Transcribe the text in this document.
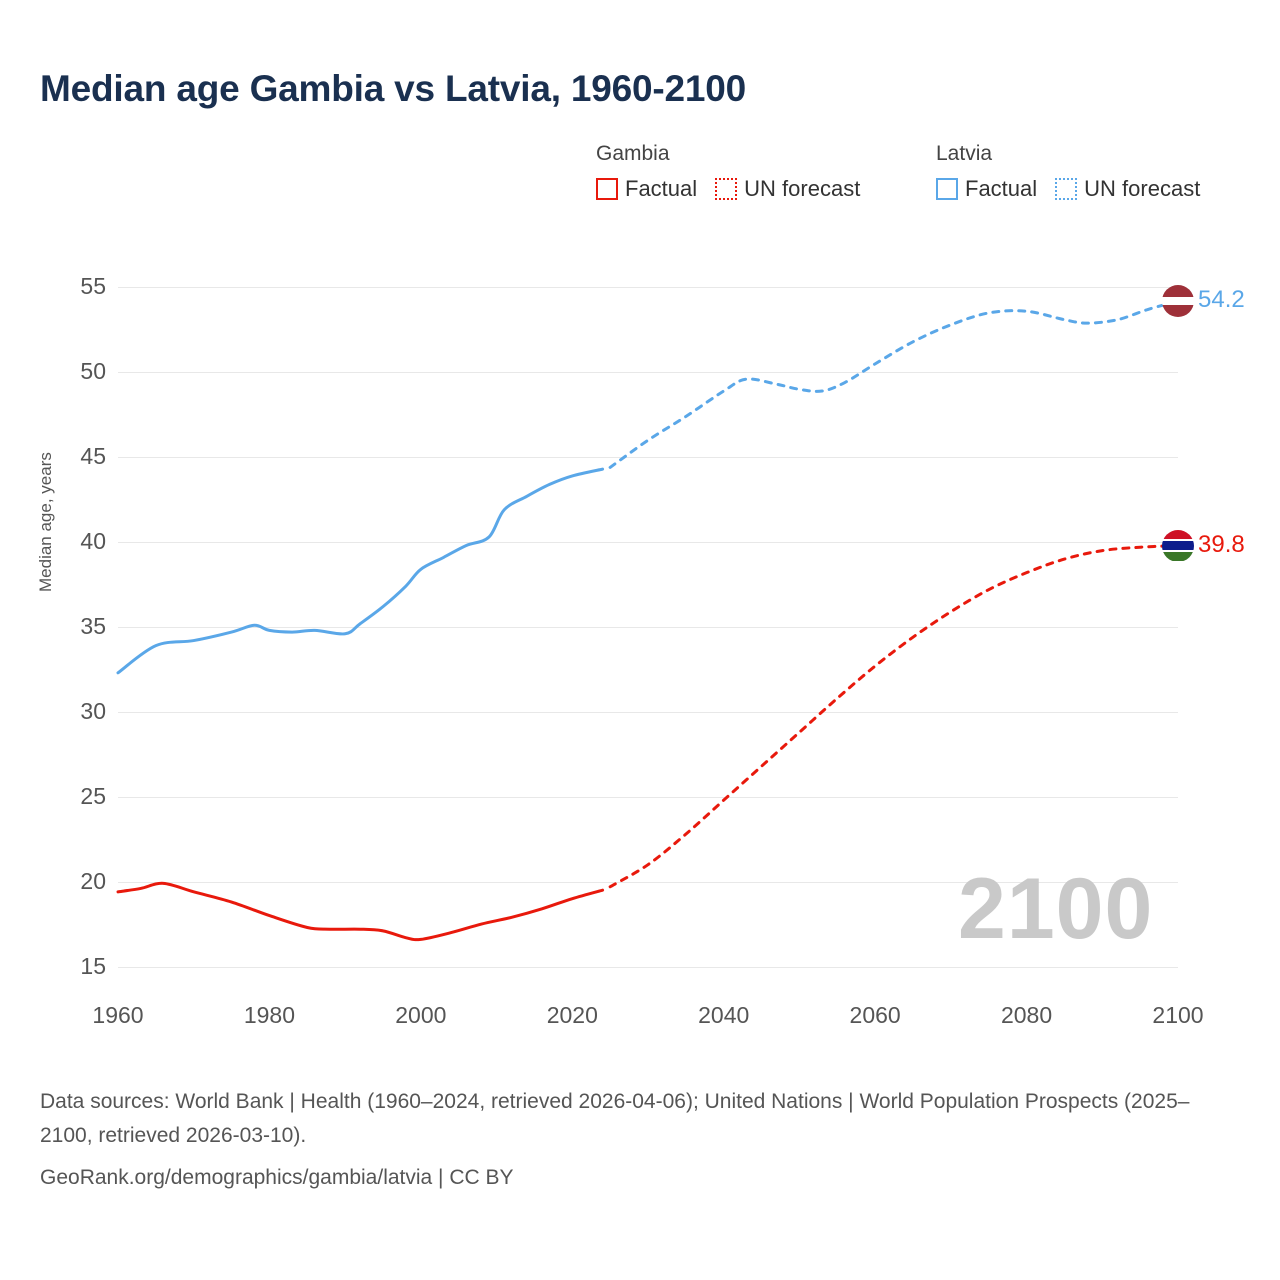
Median age Gambia vs Latvia, 1960-2100
Gambia
Factual UN forecast
Latvia
Factual UN forecast
Median age, years
15
20
25
30
35
40
45
50
55
1960	1980	2000	2020	2040	2060	2080	2100
2100
54.2
39.8
Data sources: World Bank | Health (1960–2024, retrieved 2026-04-06); United Nations | World Population Prospects (2025–2100, retrieved 2026-03-10).
GeoRank.org/demographics/gambia/latvia | CC BY
